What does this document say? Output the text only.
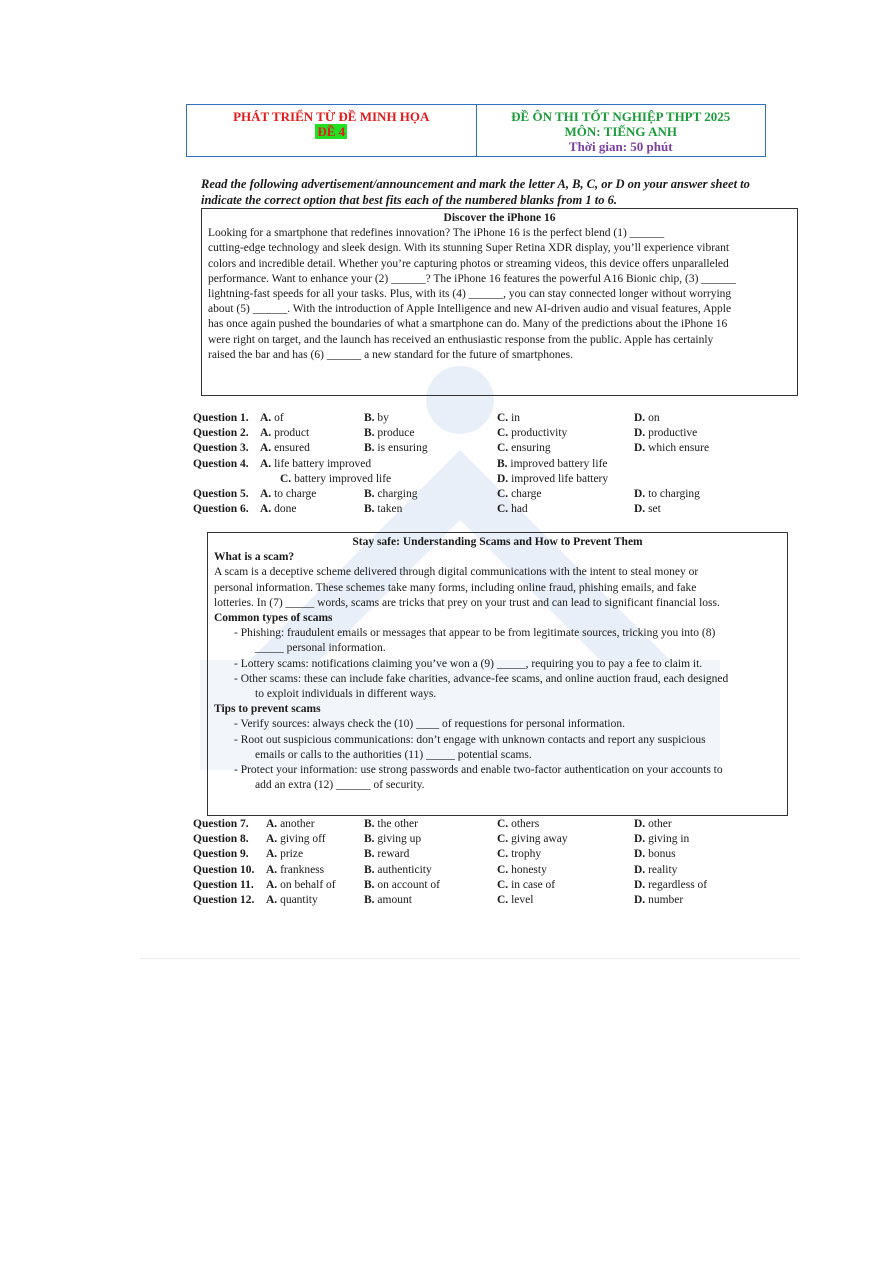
PHÁT TRIỂN TỪ ĐỀ MINH HỌA
ĐỀ 4
ĐỀ ÔN THI TỐT NGHIỆP THPT 2025
MÔN: TIẾNG ANH
Thời gian: 50 phút
Read the following advertisement/announcement and mark the letter A, B, C, or D on your answer sheet to indicate the correct option that best fits each of the numbered blanks from 1 to 6.
Discover the iPhone 16
Looking for a smartphone that redefines innovation? The iPhone 16 is the perfect blend (1) ______
cutting-edge technology and sleek design. With its stunning Super Retina XDR display, you’ll experience vibrant
colors and incredible detail. Whether you’re capturing photos or streaming videos, this device offers unparalleled
performance. Want to enhance your (2) ______? The iPhone 16 features the powerful A16 Bionic chip, (3) ______
lightning-fast speeds for all your tasks. Plus, with its (4) ______, you can stay connected longer without worrying
about (5) ______. With the introduction of Apple Intelligence and new AI-driven audio and visual features, Apple
has once again pushed the boundaries of what a smartphone can do. Many of the predictions about the iPhone 16
were right on target, and the launch has received an enthusiastic response from the public. Apple has certainly
raised the bar and has (6) ______ a new standard for the future of smartphones.
Question 1. A. of	B. by	C. in	D. on
Question 2. A. product	B. produce	C. productivity	D. productive
Question 3. A. ensured	B. is ensuring	C. ensuring	D. which ensure
Question 4. A. life battery improved	B. improved battery life
C. battery improved life	D. improved life battery
Question 5. A. to charge	B. charging	C. charge	D. to charging
Question 6. A. done	B. taken	C. had	D. set
Stay safe: Understanding Scams and How to Prevent Them
What is a scam?
A scam is a deceptive scheme delivered through digital communications with the intent to steal money or
personal information. These schemes take many forms, including online fraud, phishing emails, and fake
lotteries. In (7) _____ words, scams are tricks that prey on your trust and can lead to significant financial loss.
Common types of scams
- Phishing: fraudulent emails or messages that appear to be from legitimate sources, tricking you into (8)
_____ personal information.
- Lottery scams: notifications claiming you’ve won a (9) _____, requiring you to pay a fee to claim it.
- Other scams: these can include fake charities, advance-fee scams, and online auction fraud, each designed
to exploit individuals in different ways.
Tips to prevent scams
- Verify sources: always check the (10) ____ of requestions for personal information.
- Root out suspicious communications: don’t engage with unknown contacts and report any suspicious
emails or calls to the authorities (11) _____ potential scams.
- Protect your information: use strong passwords and enable two-factor authentication on your accounts to
add an extra (12) ______ of security.
Question 7. A. another	B. the other	C. others	D. other
Question 8. A. giving off	B. giving up	C. giving away	D. giving in
Question 9. A. prize	B. reward	C. trophy	D. bonus
Question 10. A. frankness	B. authenticity	C. honesty	D. reality
Question 11. A. on behalf of B. on account of	C. in case of	D. regardless of
Question 12. A. quantity	B. amount	C. level	D. number
